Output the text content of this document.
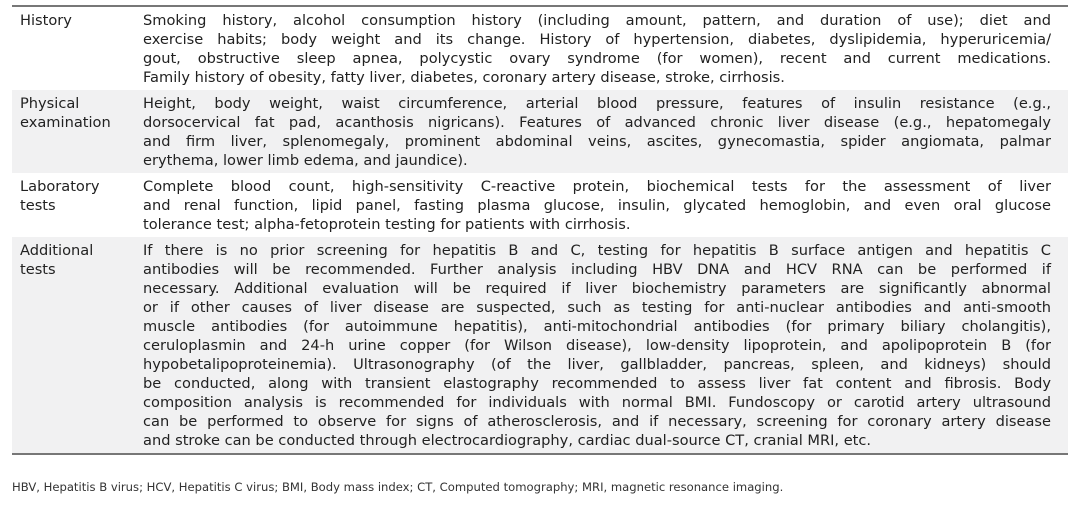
History	Smoking history, alcohol consumption history (including amount, pattern, and duration of use); diet and
exercise habits; body weight and its change. History of hypertension, diabetes, dyslipidemia, hyperuricemia/
gout, obstructive sleep apnea, polycystic ovary syndrome (for women), recent and current medications.
Family history of obesity, fatty liver, diabetes, coronary artery disease, stroke, cirrhosis.
Physical
examination
Height, body weight, waist circumference, arterial blood pressure, features of insulin resistance (e.g.,
dorsocervical fat pad, acanthosis nigricans). Features of advanced chronic liver disease (e.g., hepatomegaly
and firm liver, splenomegaly, prominent abdominal veins, ascites, gynecomastia, spider angiomata, palmar
erythema, lower limb edema, and jaundice).
Laboratory
tests
Complete blood count, high-sensitivity C-reactive protein, biochemical tests for the assessment of liver
and renal function, lipid panel, fasting plasma glucose, insulin, glycated hemoglobin, and even oral glucose
tolerance test; alpha-fetoprotein testing for patients with cirrhosis.
Additional
tests
If there is no prior screening for hepatitis B and C, testing for hepatitis B surface antigen and hepatitis C
antibodies will be recommended. Further analysis including HBV DNA and HCV RNA can be performed if
necessary. Additional evaluation will be required if liver biochemistry parameters are significantly abnormal
or if other causes of liver disease are suspected, such as testing for anti-nuclear antibodies and anti-smooth
muscle antibodies (for autoimmune hepatitis), anti-mitochondrial antibodies (for primary biliary cholangitis),
ceruloplasmin and 24-h urine copper (for Wilson disease), low-density lipoprotein, and apolipoprotein B (for
hypobetalipoproteinemia). Ultrasonography (of the liver, gallbladder, pancreas, spleen, and kidneys) should
be conducted, along with transient elastography recommended to assess liver fat content and fibrosis. Body
composition analysis is recommended for individuals with normal BMI. Fundoscopy or carotid artery ultrasound
can be performed to observe for signs of atherosclerosis, and if necessary, screening for coronary artery disease
and stroke can be conducted through electrocardiography, cardiac dual-source CT, cranial MRI, etc.
HBV, Hepatitis B virus; HCV, Hepatitis C virus; BMI, Body mass index; CT, Computed tomography; MRI, magnetic resonance imaging.
